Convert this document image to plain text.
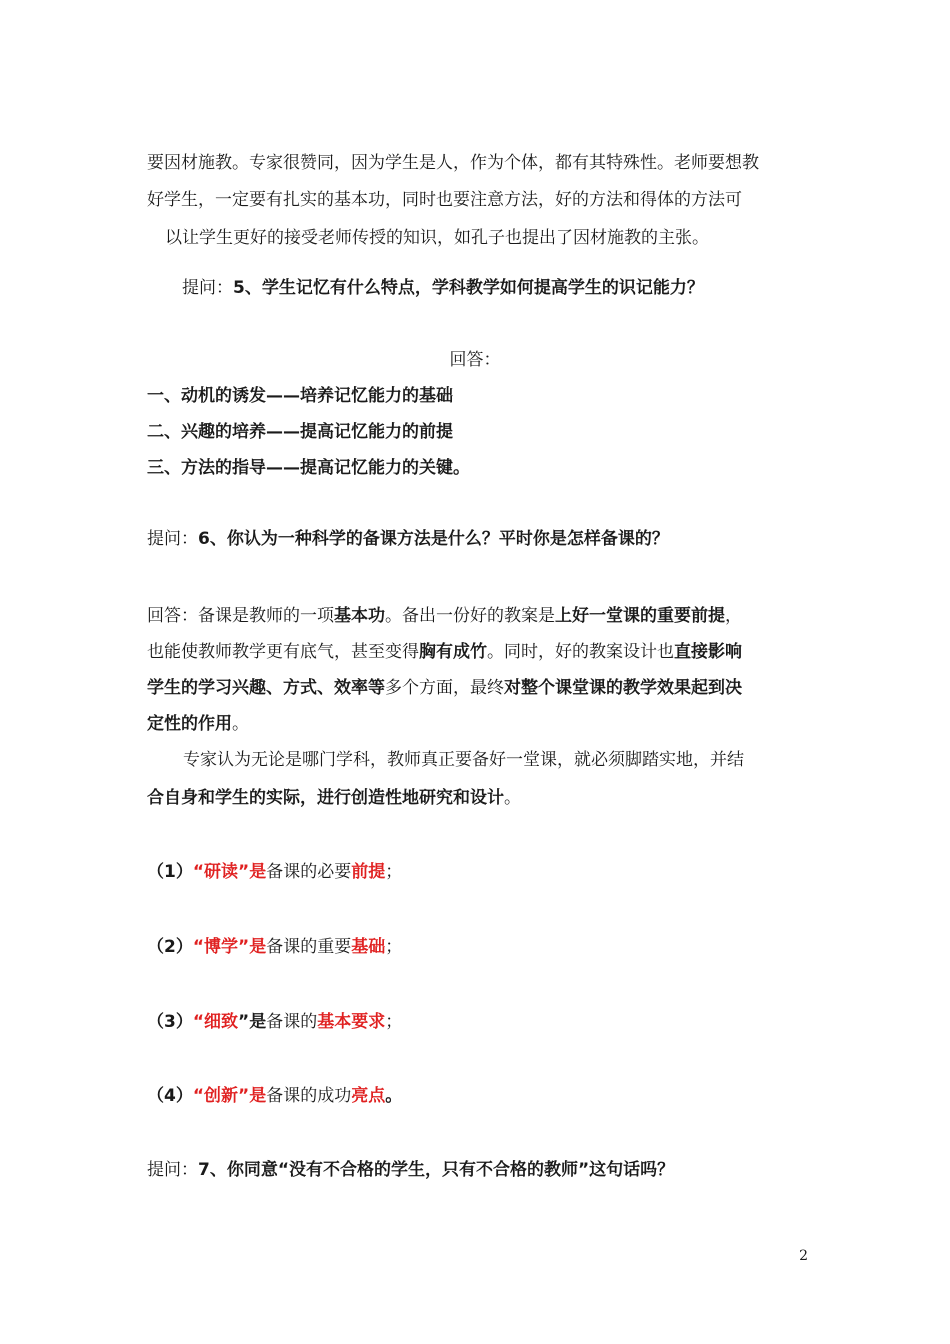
要因材施教。专家很赞同，因为学生是人，作为个体，都有其特殊性。老师要想教
好学生，一定要有扎实的基本功，同时也要注意方法，好的方法和得体的方法可
以让学生更好的接受老师传授的知识，如孔子也提出了因材施教的主张。
提问：5、学生记忆有什么特点，学科教学如何提高学生的识记能力？
回答：
一、动机的诱发——培养记忆能力的基础
二、兴趣的培养——提高记忆能力的前提
三、方法的指导——提高记忆能力的关键。
提问：6、你认为一种科学的备课方法是什么？平时你是怎样备课的？
回答：备课是教师的一项基本功。备出一份好的教案是上好一堂课的重要前提，
也能使教师教学更有底气，甚至变得胸有成竹。同时，好的教案设计也直接影响
学生的学习兴趣、方式、效率等多个方面，最终对整个课堂课的教学效果起到决
定性的作用。
专家认为无论是哪门学科，教师真正要备好一堂课，就必须脚踏实地，并结
合自身和学生的实际，进行创造性地研究和设计。
（1）“研读”是备课的必要前提；
（2）“博学”是备课的重要基础；
（3）“细致”是备课的基本要求；
（4）“创新”是备课的成功亮点。
提问：7、你同意“没有不合格的学生，只有不合格的教师”这句话吗？
2
